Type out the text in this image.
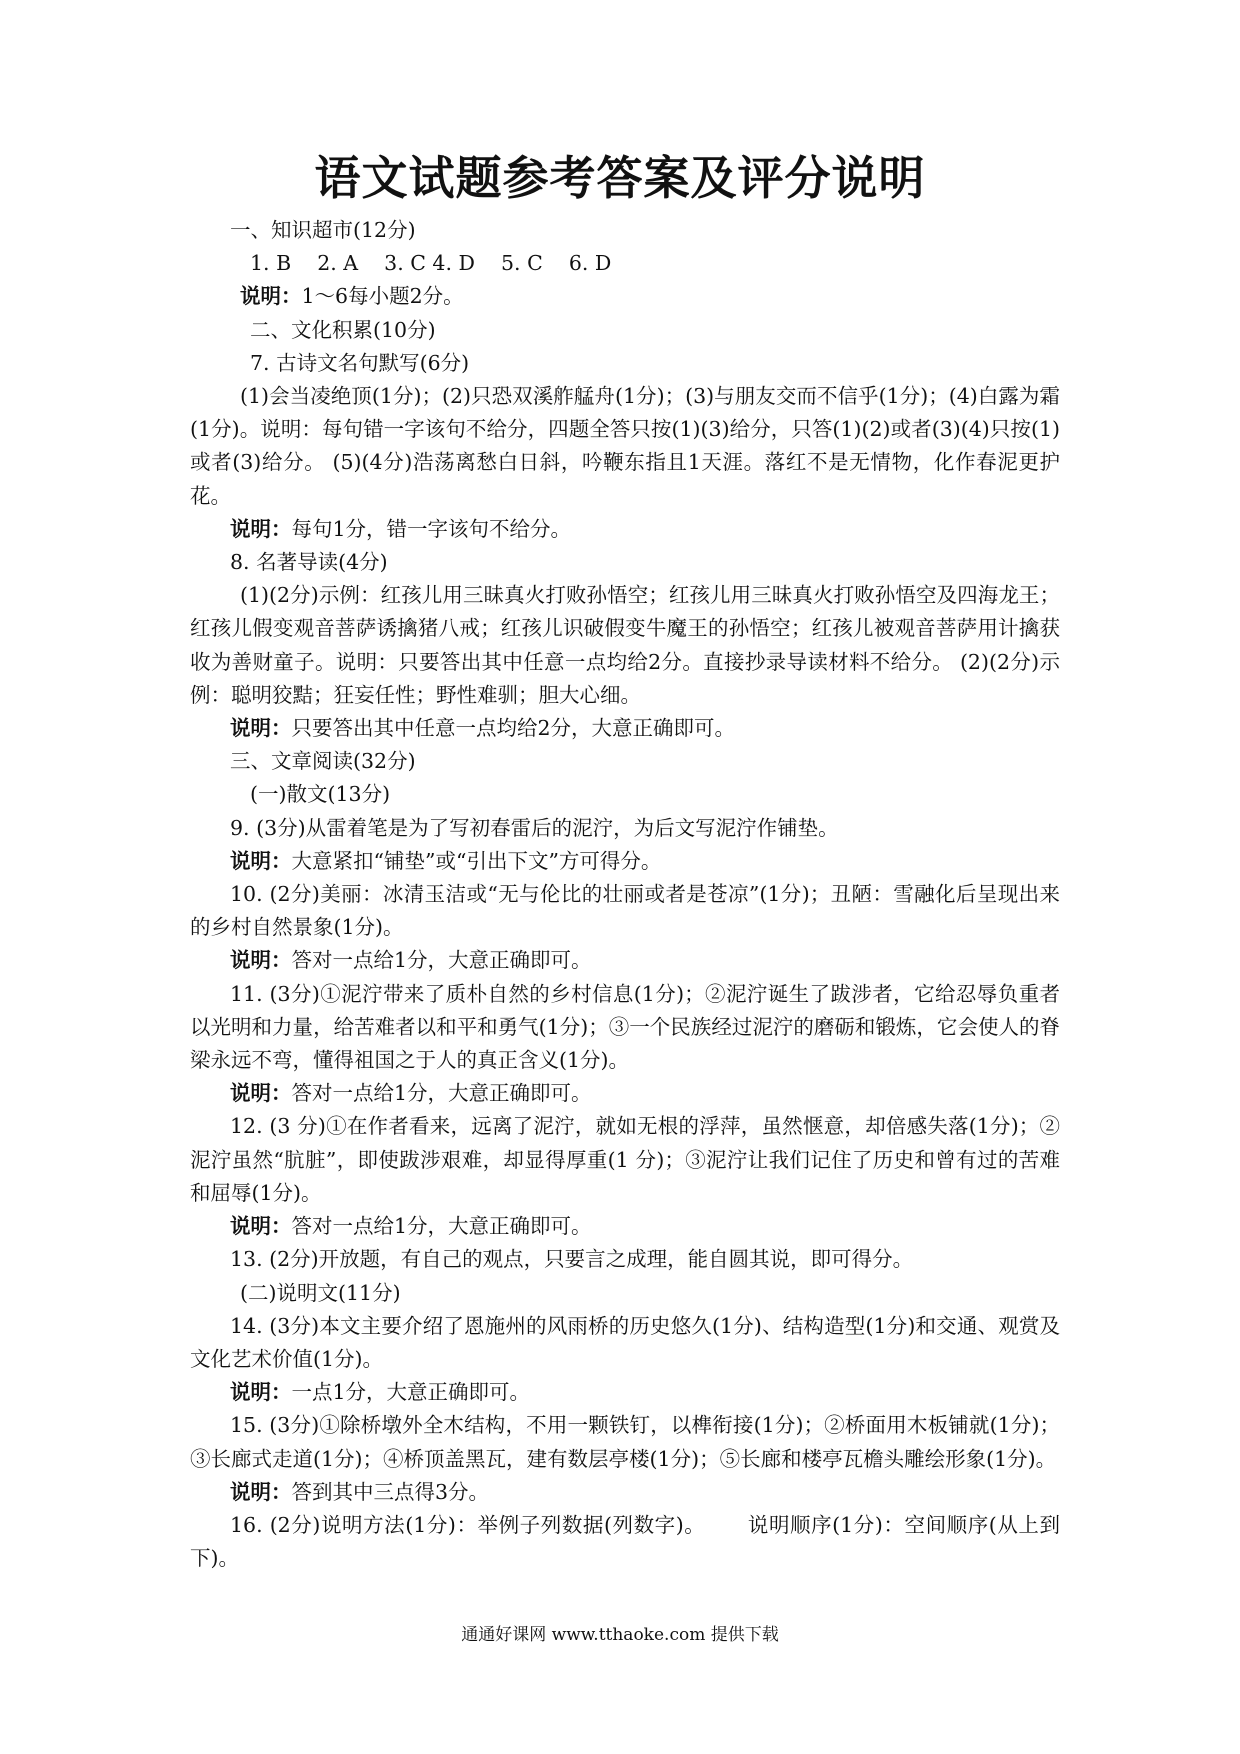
语文试题参考答案及评分说明

一、知识超市(12分)

1. B    2. A    3. C 4. D    5. C    6. D

说明：1～6每小题2分。

二、文化积累(10分)

7. 古诗文名句默写(6分)

(1)会当凌绝顶(1分)；(2)只恐双溪舴艋舟(1分)；(3)与朋友交而不信乎(1分)；(4)白露为霜(1分)。说明：每句错一字该句不给分，四题全答只按(1)(3)给分，只答(1)(2)或者(3)(4)只按(1)或者(3)给分。 (5)(4分)浩荡离愁白日斜，吟鞭东指且1天涯。落红不是无情物，化作春泥更护花。

说明：每句1分，错一字该句不给分。

8. 名著导读(4分)

(1)(2分)示例：红孩儿用三昧真火打败孙悟空；红孩儿用三昧真火打败孙悟空及四海龙王；红孩儿假变观音菩萨诱擒猪八戒；红孩儿识破假变牛魔王的孙悟空；红孩儿被观音菩萨用计擒获收为善财童子。说明：只要答出其中任意一点均给2分。直接抄录导读材料不给分。 (2)(2分)示例：聪明狡黠；狂妄任性；野性难驯；胆大心细。

说明：只要答出其中任意一点均给2分，大意正确即可。

三、文章阅读(32分)

(一)散文(13分)

9. (3分)从雷着笔是为了写初春雷后的泥泞，为后文写泥泞作铺垫。

说明：大意紧扣“铺垫”或“引出下文”方可得分。

10. (2分)美丽：冰清玉洁或“无与伦比的壮丽或者是苍凉”(1分)；丑陋：雪融化后呈现出来的乡村自然景象(1分)。

说明：答对一点给1分，大意正确即可。

11. (3分)①泥泞带来了质朴自然的乡村信息(1分)；②泥泞诞生了跋涉者，它给忍辱负重者以光明和力量，给苦难者以和平和勇气(1分)；③一个民族经过泥泞的磨砺和锻炼，它会使人的脊梁永远不弯，懂得祖国之于人的真正含义(1分)。

说明：答对一点给1分，大意正确即可。

12. (3 分)①在作者看来，远离了泥泞，就如无根的浮萍，虽然惬意，却倍感失落(1分)；②泥泞虽然“肮脏”，即使跋涉艰难，却显得厚重(1 分)；③泥泞让我们记住了历史和曾有过的苦难和屈辱(1分)。

说明：答对一点给1分，大意正确即可。

13. (2分)开放题，有自己的观点，只要言之成理，能自圆其说，即可得分。

(二)说明文(11分)

14. (3分)本文主要介绍了恩施州的风雨桥的历史悠久(1分)、结构造型(1分)和交通、观赏及文化艺术价值(1分)。

说明：一点1分，大意正确即可。

15. (3分)①除桥墩外全木结构，不用一颗铁钉，以榫衔接(1分)；②桥面用木板铺就(1分)；③长廊式走道(1分)；④桥顶盖黑瓦，建有数层亭楼(1分)；⑤长廊和楼亭瓦檐头雕绘形象(1分)。

说明：答到其中三点得3分。

16. (2分)说明方法(1分)：举例子列数据(列数字)。      说明顺序(1分)：空间顺序(从上到下)。

通通好课网 www.tthaoke.com 提供下载
